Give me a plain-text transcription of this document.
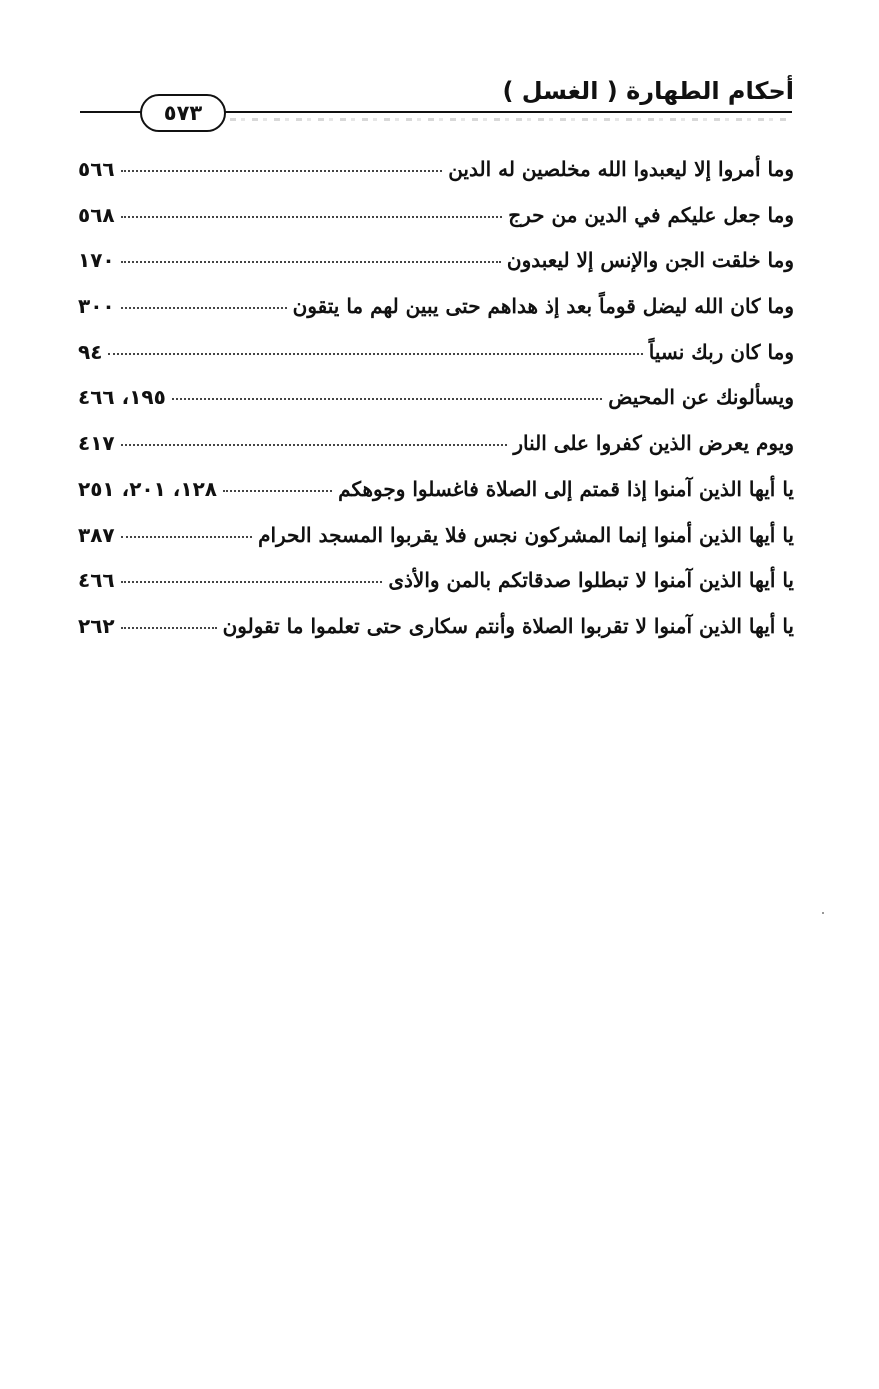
أحكام الطهارة ( الغسل )
٥٧٣
وما أمروا إلا ليعبدوا الله مخلصين له الدين
٥٦٦
وما جعل عليكم في الدين من حرج
٥٦٨
وما خلقت الجن والإنس إلا ليعبدون
١٧٠
وما كان الله ليضل قوماً بعد إذ هداهم حتى يبين لهم ما يتقون
٣٠٠
وما كان ربك نسياً
٩٤
ويسألونك عن المحيض
١٩٥، ٤٦٦
ويوم يعرض الذين كفروا على النار
٤١٧
يا أيها الذين آمنوا إذا قمتم إلى الصلاة فاغسلوا وجوهكم
١٢٨، ٢٠١، ٢٥١
يا أيها الذين أمنوا إنما المشركون نجس فلا يقربوا المسجد الحرام
٣٨٧
يا أيها الذين آمنوا لا تبطلوا صدقاتكم بالمن والأذى
٤٦٦
يا أيها الذين آمنوا لا تقربوا الصلاة وأنتم سكارى حتى تعلموا ما تقولون
٢٦٢
